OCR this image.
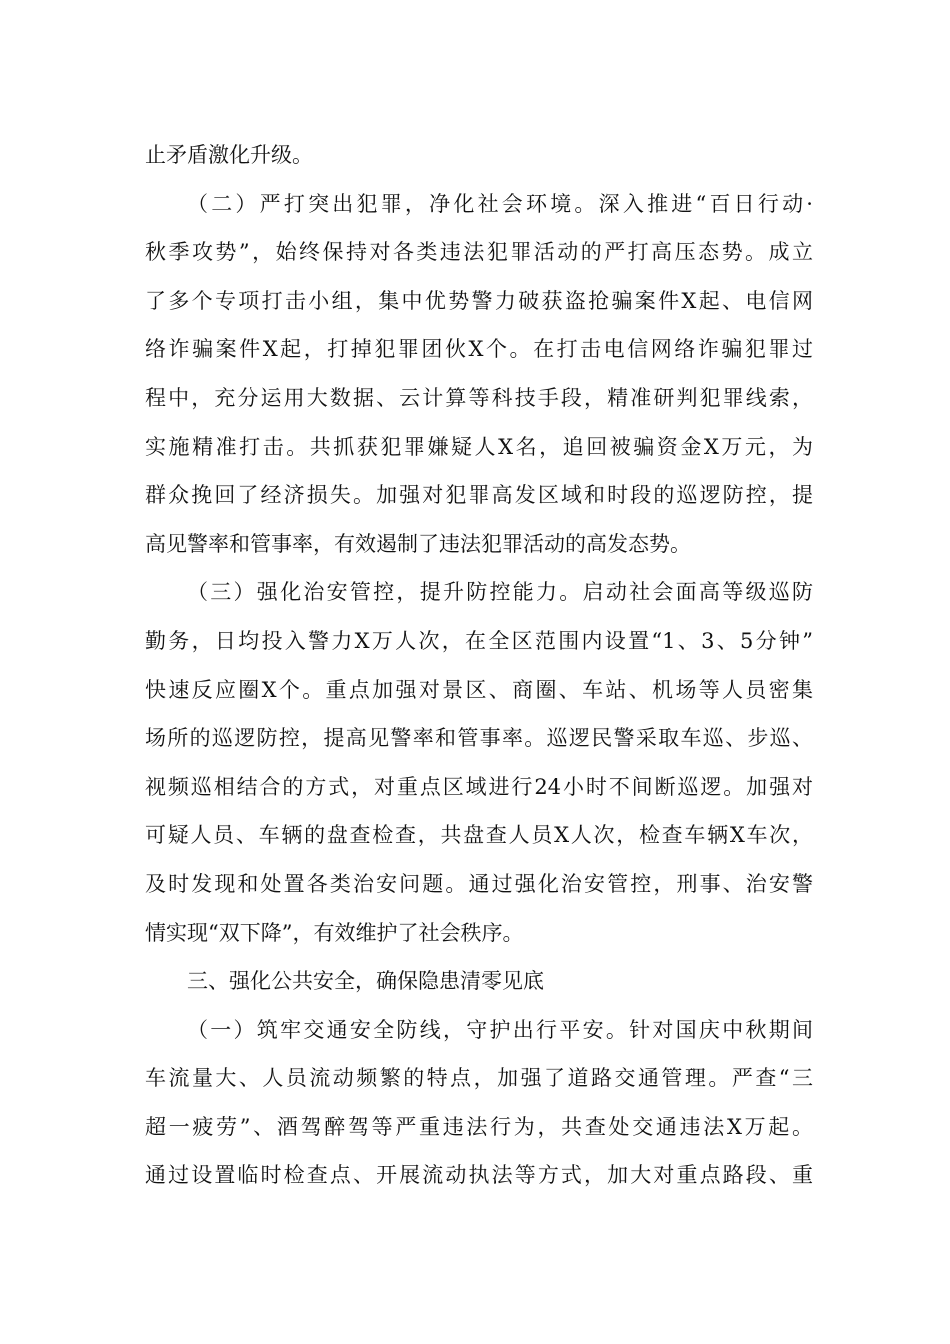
止矛盾激化升级。
（二）严打突出犯罪，净化社会环境。深入推进“百日行动·
秋季攻势”，始终保持对各类违法犯罪活动的严打高压态势。成立
了多个专项打击小组，集中优势警力破获盗抢骗案件X起、电信网
络诈骗案件X起，打掉犯罪团伙X个。在打击电信网络诈骗犯罪过
程中，充分运用大数据、云计算等科技手段，精准研判犯罪线索，
实施精准打击。共抓获犯罪嫌疑人X名，追回被骗资金X万元，为
群众挽回了经济损失。加强对犯罪高发区域和时段的巡逻防控，提
高见警率和管事率，有效遏制了违法犯罪活动的高发态势。
（三）强化治安管控，提升防控能力。启动社会面高等级巡防
勤务，日均投入警力X万人次，在全区范围内设置“1、3、5分钟”
快速反应圈X个。重点加强对景区、商圈、车站、机场等人员密集
场所的巡逻防控，提高见警率和管事率。巡逻民警采取车巡、步巡、
视频巡相结合的方式，对重点区域进行24小时不间断巡逻。加强对
可疑人员、车辆的盘查检查，共盘查人员X人次，检查车辆X车次，
及时发现和处置各类治安问题。通过强化治安管控，刑事、治安警
情实现“双下降”，有效维护了社会秩序。
三、强化公共安全，确保隐患清零见底
（一）筑牢交通安全防线，守护出行平安。针对国庆中秋期间
车流量大、人员流动频繁的特点，加强了道路交通管理。严查“三
超一疲劳”、酒驾醉驾等严重违法行为，共查处交通违法X万起。
通过设置临时检查点、开展流动执法等方式，加大对重点路段、重
